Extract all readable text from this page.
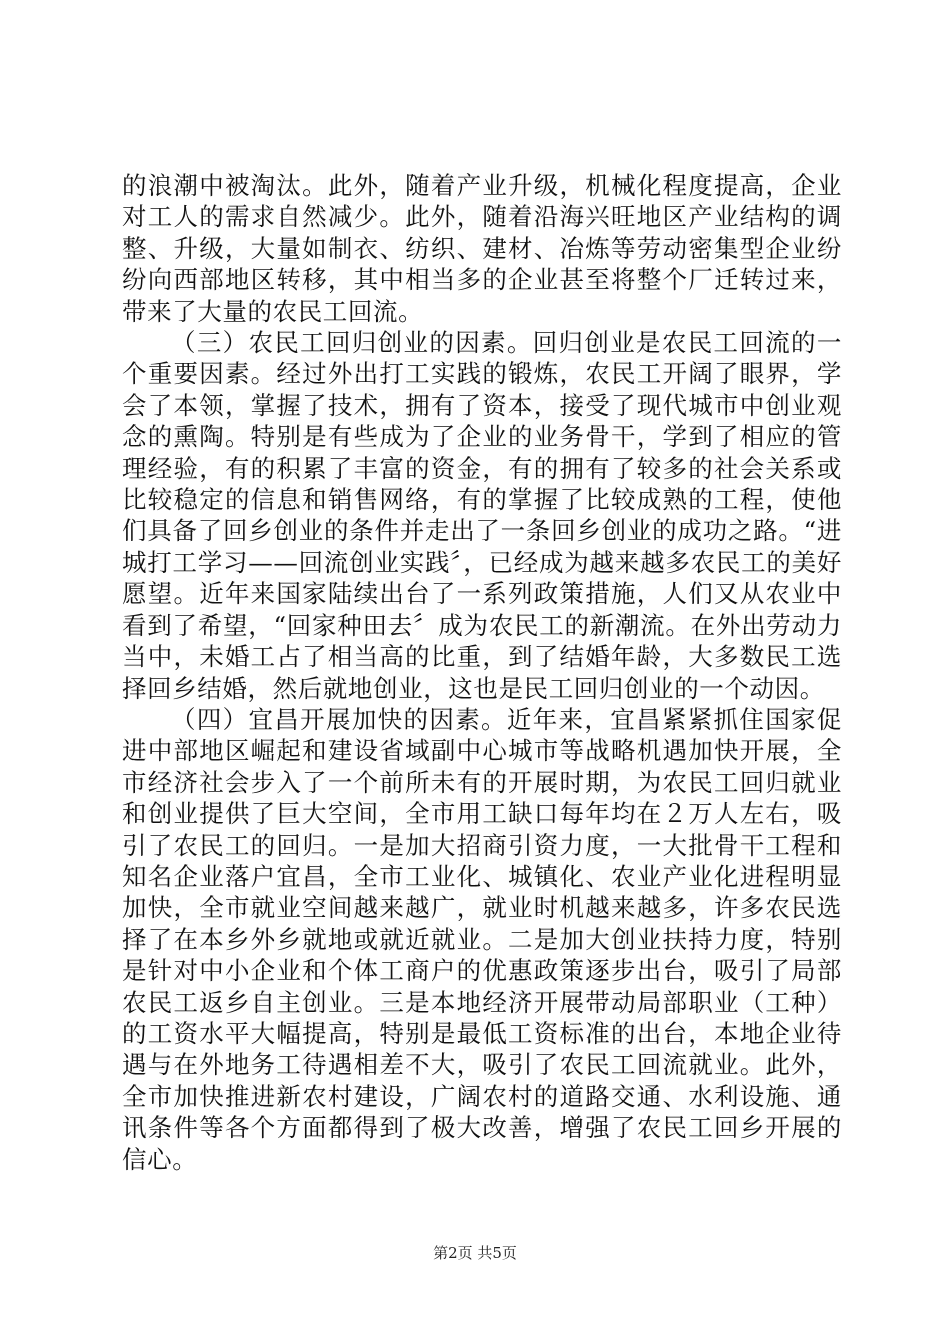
的浪潮中被淘汰。此外，随着产业升级，机械化程度提高，企业对工人的需求自然减少。此外，随着沿海兴旺地区产业结构的调整、升级，大量如制衣、纺织、建材、冶炼等劳动密集型企业纷纷向西部地区转移，其中相当多的企业甚至将整个厂迁转过来，带来了大量的农民工回流。

（三）农民工回归创业的因素。回归创业是农民工回流的一个重要因素。经过外出打工实践的锻炼，农民工开阔了眼界，学会了本领，掌握了技术，拥有了资本，接受了现代城市中创业观念的熏陶。特别是有些成为了企业的业务骨干，学到了相应的管理经验，有的积累了丰富的资金，有的拥有了较多的社会关系或比较稳定的信息和销售网络，有的掌握了比较成熟的工程，使他们具备了回乡创业的条件并走出了一条回乡创业的成功之路。“进城打工学习——回流创业实践〞，已经成为越来越多农民工的美好愿望。近年来国家陆续出台了一系列政策措施，人们又从农业中看到了希望，“回家种田去〞成为农民工的新潮流。在外出劳动力当中，未婚工占了相当高的比重，到了结婚年龄，大多数民工选择回乡结婚，然后就地创业，这也是民工回归创业的一个动因。

（四）宜昌开展加快的因素。近年来，宜昌紧紧抓住国家促进中部地区崛起和建设省域副中心城市等战略机遇加快开展，全市经济社会步入了一个前所未有的开展时期，为农民工回归就业和创业提供了巨大空间，全市用工缺口每年均在２万人左右，吸引了农民工的回归。一是加大招商引资力度，一大批骨干工程和知名企业落户宜昌，全市工业化、城镇化、农业产业化进程明显加快，全市就业空间越来越广，就业时机越来越多，许多农民选择了在本乡外乡就地或就近就业。二是加大创业扶持力度，特别是针对中小企业和个体工商户的优惠政策逐步出台，吸引了局部农民工返乡自主创业。三是本地经济开展带动局部职业（工种）的工资水平大幅提高，特别是最低工资标准的出台，本地企业待遇与在外地务工待遇相差不大，吸引了农民工回流就业。此外，全市加快推进新农村建设，广阔农村的道路交通、水利设施、通讯条件等各个方面都得到了极大改善，增强了农民工回乡开展的信心。

第2页 共5页
